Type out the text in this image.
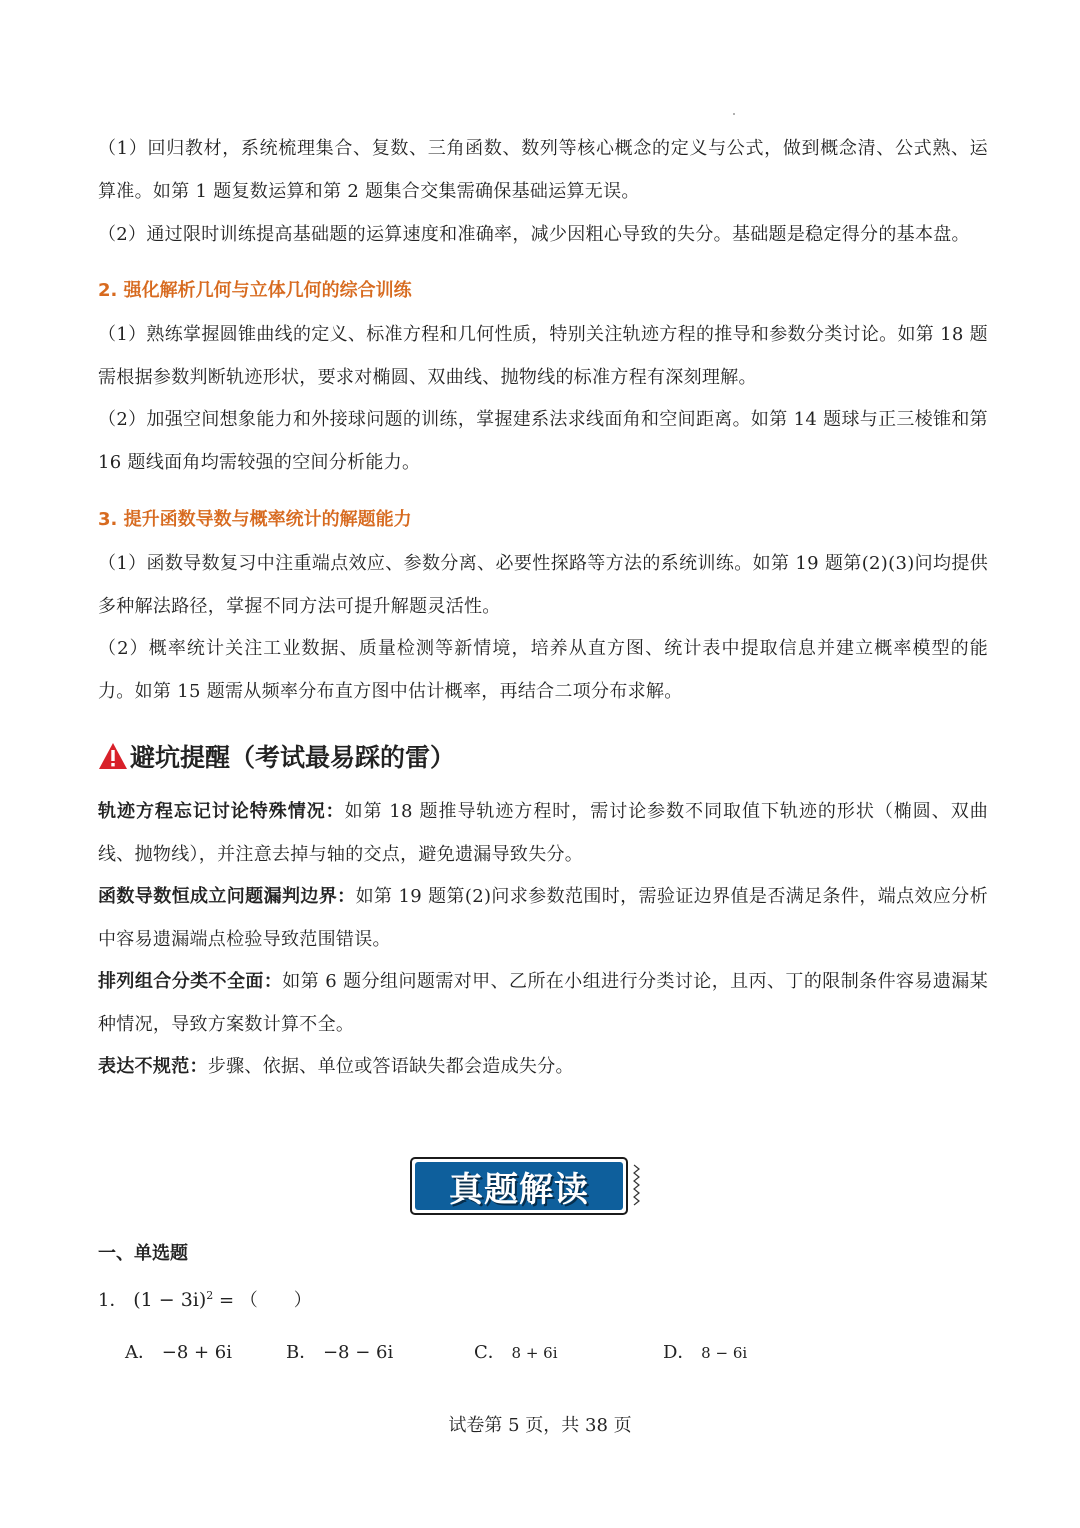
（1）回归教材，系统梳理集合、复数、三角函数、数列等核心概念的定义与公式，做到概念清、公式熟、运算准。如第 1 题复数运算和第 2 题集合交集需确保基础运算无误。

（2）通过限时训练提高基础题的运算速度和准确率，减少因粗心导致的失分。基础题是稳定得分的基本盘。

2. 强化解析几何与立体几何的综合训练

（1）熟练掌握圆锥曲线的定义、标准方程和几何性质，特别关注轨迹方程的推导和参数分类讨论。如第 18 题需根据参数判断轨迹形状，要求对椭圆、双曲线、抛物线的标准方程有深刻理解。

（2）加强空间想象能力和外接球问题的训练，掌握建系法求线面角和空间距离。如第 14 题球与正三棱锥和第 16 题线面角均需较强的空间分析能力。

3. 提升函数导数与概率统计的解题能力

（1）函数导数复习中注重端点效应、参数分离、必要性探路等方法的系统训练。如第 19 题第(2)(3)问均提供多种解法路径，掌握不同方法可提升解题灵活性。

（2）概率统计关注工业数据、质量检测等新情境，培养从直方图、统计表中提取信息并建立概率模型的能力。如第 15 题需从频率分布直方图中估计概率，再结合二项分布求解。

避坑提醒（考试最易踩的雷）

轨迹方程忘记讨论特殊情况：如第 18 题推导轨迹方程时，需讨论参数不同取值下轨迹的形状（椭圆、双曲线、抛物线），并注意去掉与轴的交点，避免遗漏导致失分。

函数导数恒成立问题漏判边界：如第 19 题第(2)问求参数范围时，需验证边界值是否满足条件，端点效应分析中容易遗漏端点检验导致范围错误。

排列组合分类不全面：如第 6 题分组问题需对甲、乙所在小组进行分类讨论，且丙、丁的限制条件容易遗漏某种情况，导致方案数计算不全。

表达不规范：步骤、依据、单位或答语缺失都会造成失分。

真题解读
一、单选题

1． $(1 - 3i)^2$ = （　　）

A． −8 + 6i	B． −8 − 6i	C． 8 + 6i	D． 8 − 6i

试卷第 5 页，共 38 页
